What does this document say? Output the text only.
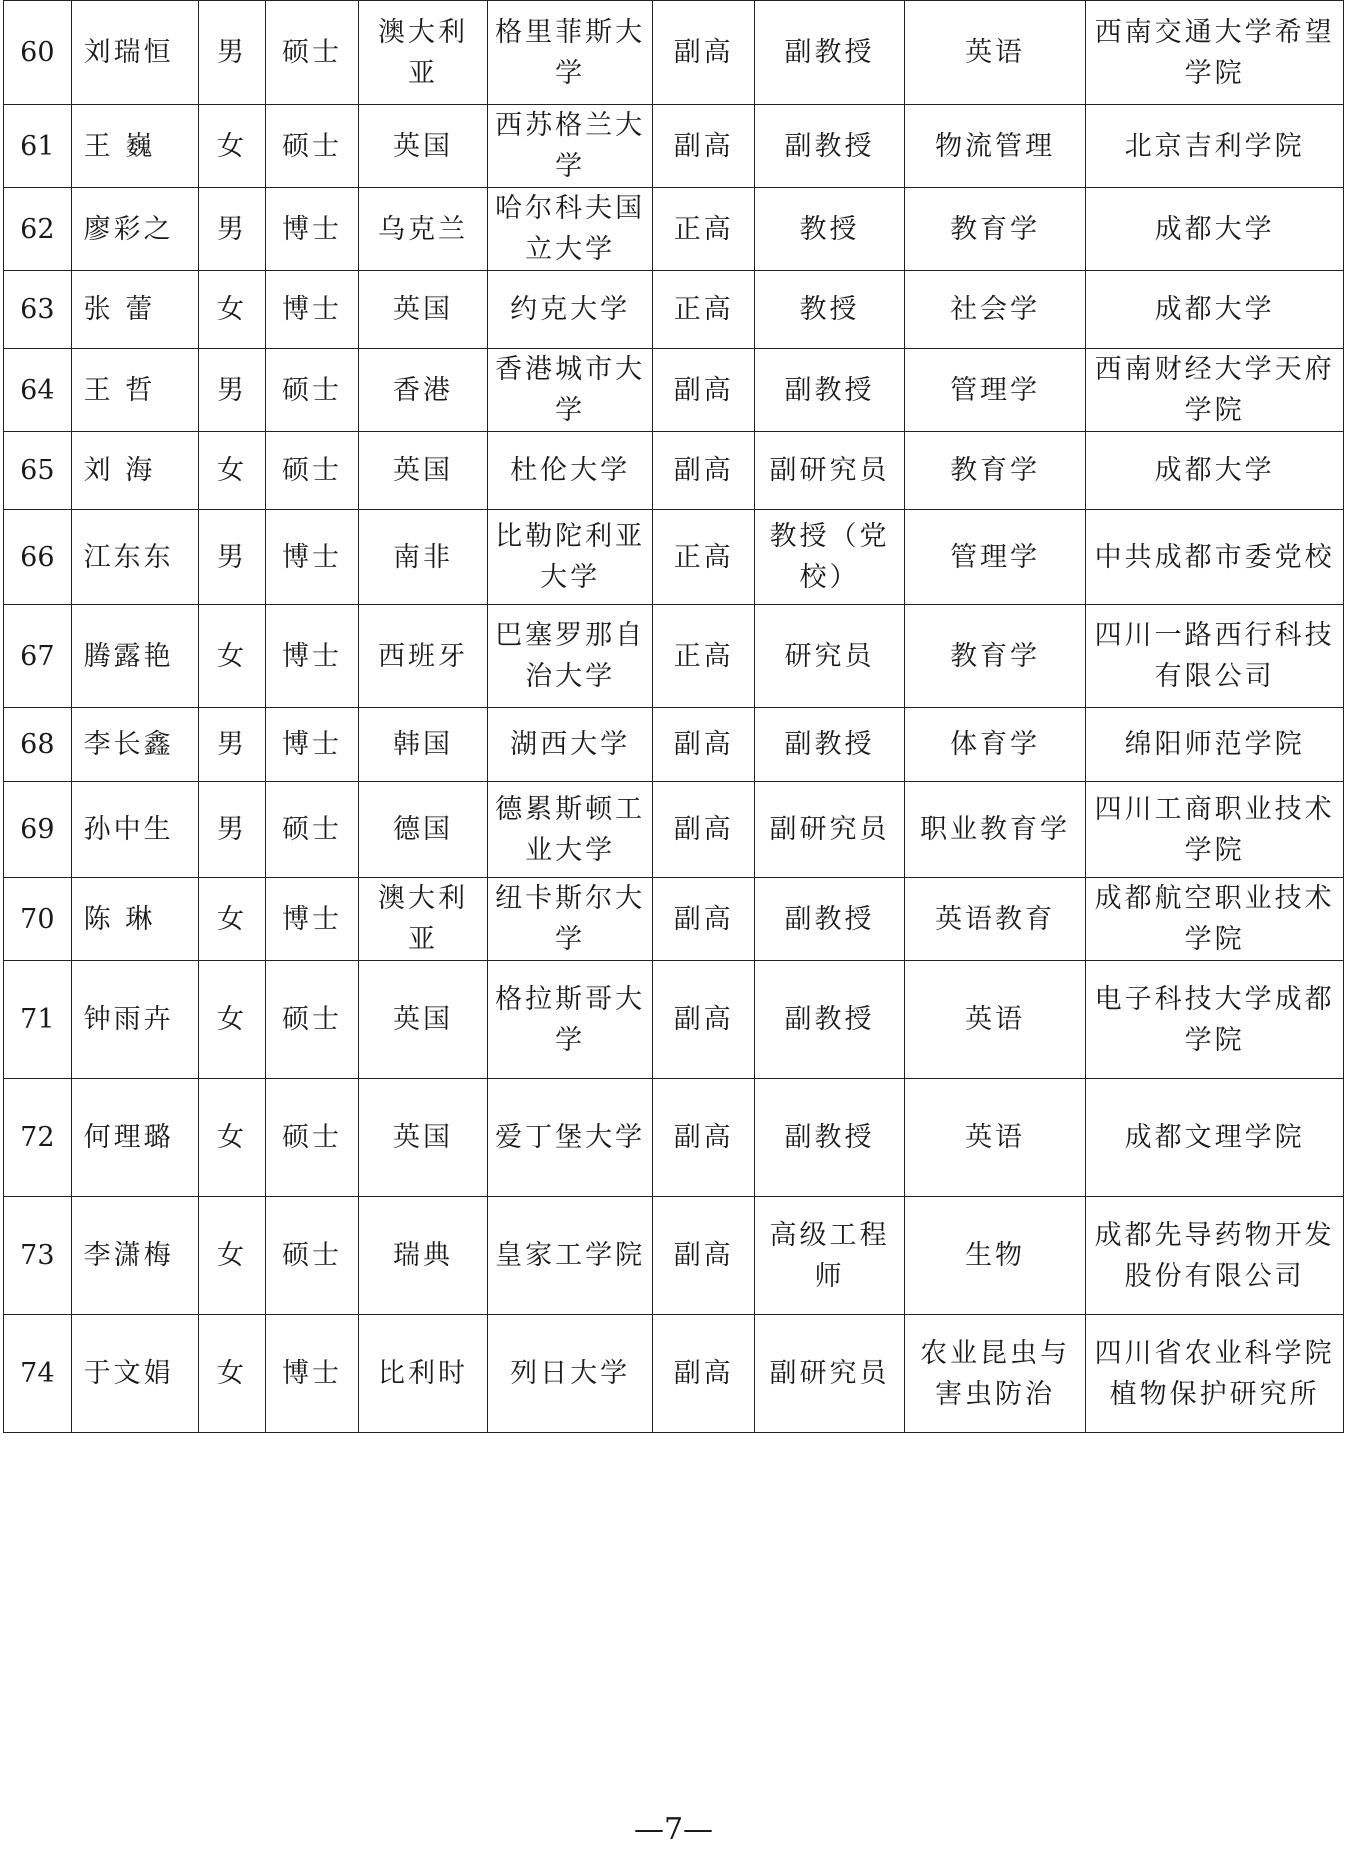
60	刘瑞恒	男	硕士	澳大利亚	格里菲斯大学	副高	副教授	英语	西南交通大学希望学院
61	王 巍	女	硕士	英国	西苏格兰大学	副高	副教授	物流管理	北京吉利学院
62	廖彩之	男	博士	乌克兰	哈尔科夫国立大学	正高	教授	教育学	成都大学
63	张 蕾	女	博士	英国	约克大学	正高	教授	社会学	成都大学
64	王 哲	男	硕士	香港	香港城市大学	副高	副教授	管理学	西南财经大学天府学院
65	刘 海	女	硕士	英国	杜伦大学	副高	副研究员	教育学	成都大学
66	江东东	男	博士	南非	比勒陀利亚大学	正高	教授（党校）	管理学	中共成都市委党校
67	腾露艳	女	博士	西班牙	巴塞罗那自治大学	正高	研究员	教育学	四川一路西行科技有限公司
68	李长鑫	男	博士	韩国	湖西大学	副高	副教授	体育学	绵阳师范学院
69	孙中生	男	硕士	德国	德累斯顿工业大学	副高	副研究员	职业教育学	四川工商职业技术学院
70	陈 琳	女	博士	澳大利亚	纽卡斯尔大学	副高	副教授	英语教育	成都航空职业技术学院
71	钟雨卉	女	硕士	英国	格拉斯哥大学	副高	副教授	英语	电子科技大学成都学院
72	何理璐	女	硕士	英国	爱丁堡大学	副高	副教授	英语	成都文理学院
73	李潇梅	女	硕士	瑞典	皇家工学院	副高	高级工程师	生物	成都先导药物开发股份有限公司
74	于文娟	女	博士	比利时	列日大学	副高	副研究员	农业昆虫与害虫防治	四川省农业科学院植物保护研究所
—7—
